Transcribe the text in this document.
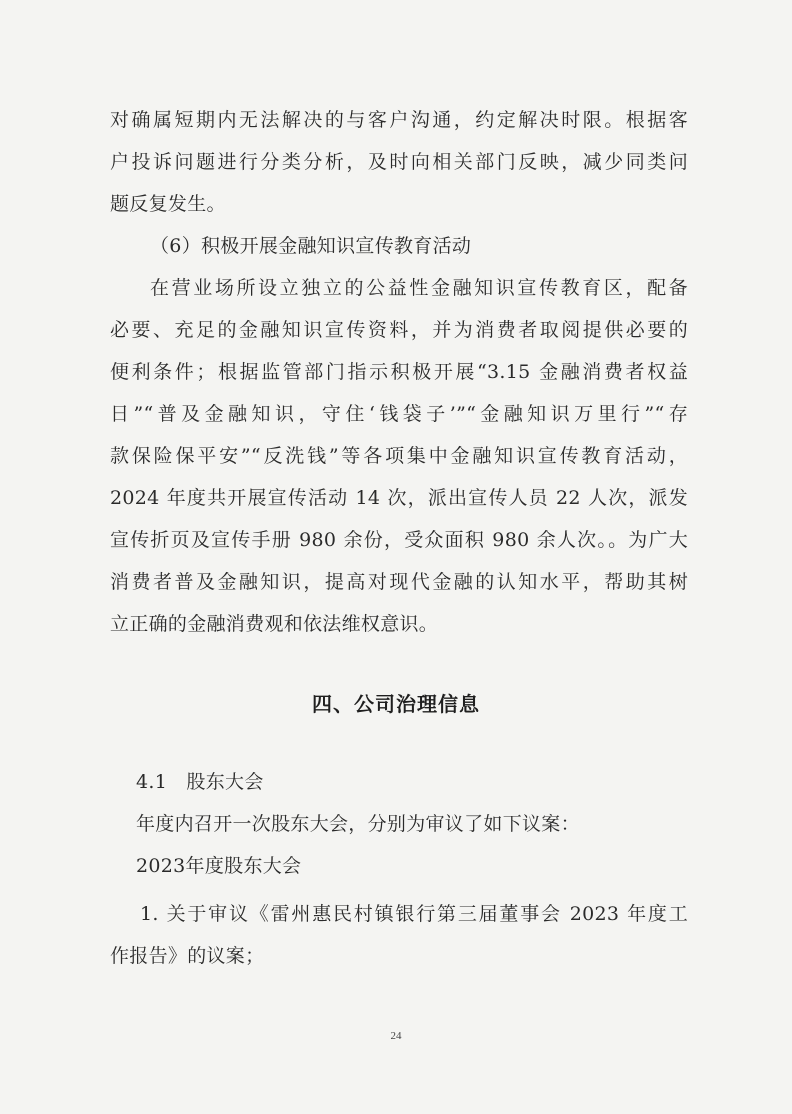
对确属短期内无法解决的与客户沟通，约定解决时限。根据客
户投诉问题进行分类分析，及时向相关部门反映，减少同类问
题反复发生。
（6）积极开展金融知识宣传教育活动
在营业场所设立独立的公益性金融知识宣传教育区，配备
必要、充足的金融知识宣传资料，并为消费者取阅提供必要的
便利条件；根据监管部门指示积极开展“3.15 金融消费者权益
日”“普及金融知识，守住‘钱袋子’”“金融知识万里行”“存
款保险保平安”“反洗钱”等各项集中金融知识宣传教育活动，
2024 年度共开展宣传活动 14 次，派出宣传人员 22 人次，派发
宣传折页及宣传手册 980 余份，受众面积 980 余人次。。为广大
消费者普及金融知识，提高对现代金融的认知水平，帮助其树
立正确的金融消费观和依法维权意识。
四、公司治理信息
4.1　股东大会
年度内召开一次股东大会，分别为审议了如下议案：
2023年度股东大会
1. 关于审议《雷州惠民村镇银行第三届董事会 2023 年度工
作报告》的议案；
24
